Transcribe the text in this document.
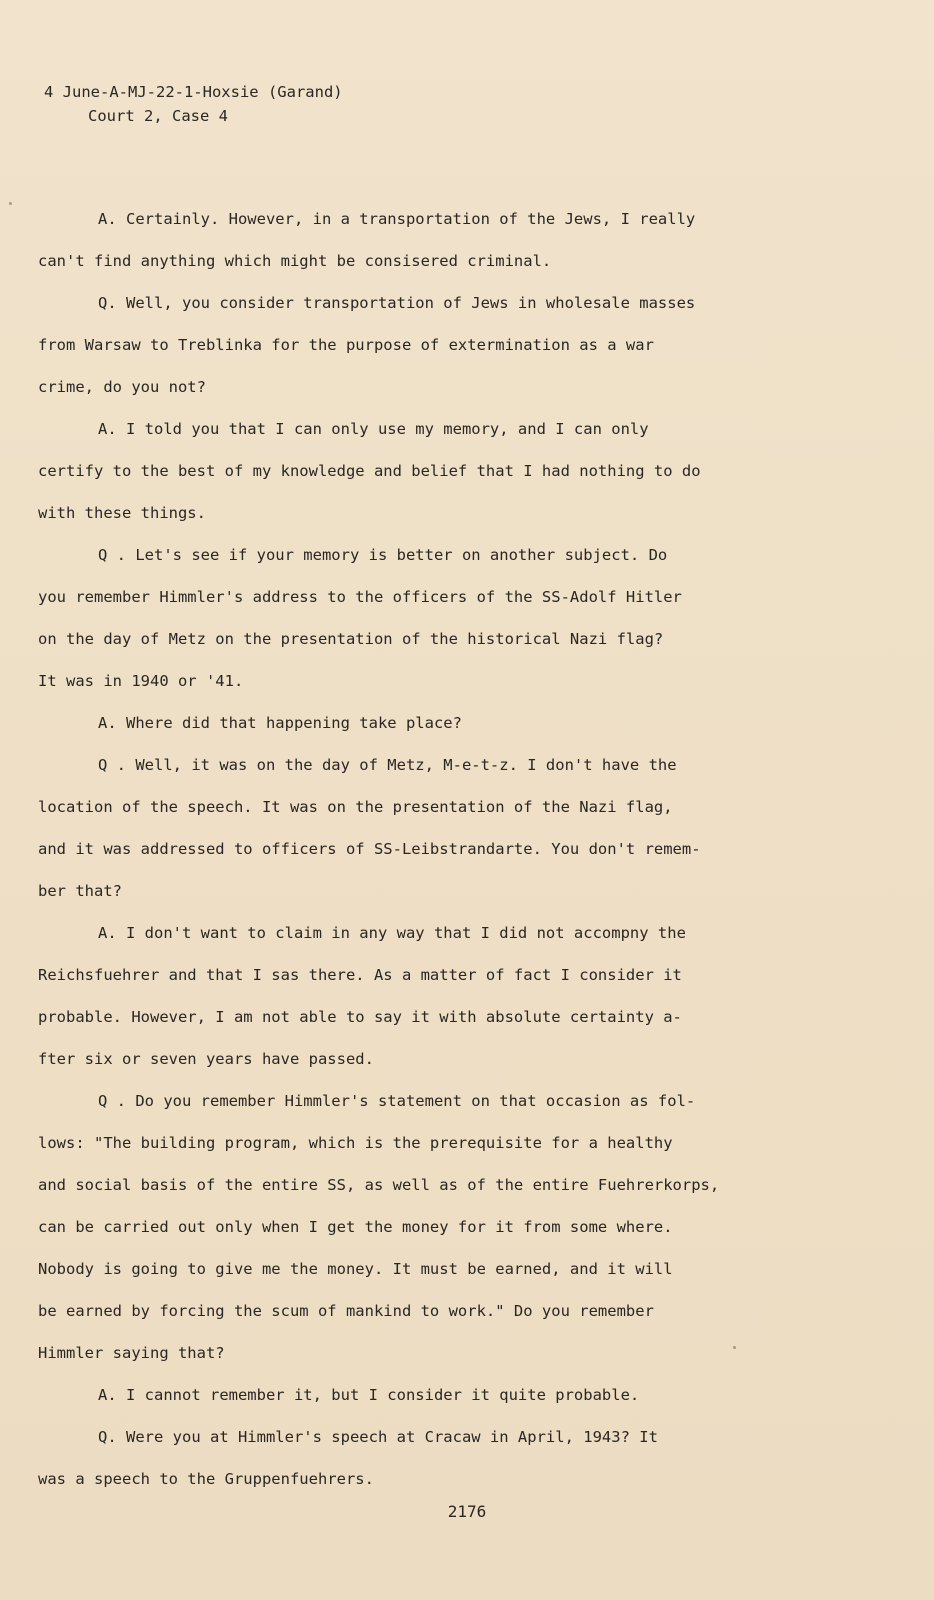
4 June-A-MJ-22-1-Hoxsie (Garand)
Court 2, Case 4
A. Certainly. However, in a transportation of the Jews, I really
can't find anything which might be consisered criminal.
Q. Well, you consider transportation of Jews in wholesale masses
from Warsaw to Treblinka for the purpose of extermination as a war
crime, do you not?
A. I told you that I can only use my memory, and I can only
certify to the best of my knowledge and belief that I had nothing to do
with these things.
Q . Let's see if your memory is better on another subject. Do
you remember Himmler's address to the officers of the SS-Adolf Hitler
on the day of Metz on the presentation of the historical Nazi flag?
It was in 1940 or '41.
A. Where did that happening take place?
Q . Well, it was on the day of Metz, M-e-t-z. I don't have the
location of the speech. It was on the presentation of the Nazi flag,
and it was addressed to officers of SS-Leibstrandarte. You don't remem-
ber that?
A. I don't want to claim in any way that I did not accompny the
Reichsfuehrer and that I sas there. As a matter of fact I consider it
probable. However, I am not able to say it with absolute certainty a-
fter six or seven years have passed.
Q . Do you remember Himmler's statement on that occasion as fol-
lows: "The building program, which is the prerequisite for a healthy
and social basis of the entire SS, as well as of the entire Fuehrerkorps,
can be carried out only when I get the money for it from some where.
Nobody is going to give me the money. It must be earned, and it will
be earned by forcing the scum of mankind to work." Do you remember
Himmler saying that?
A. I cannot remember it, but I consider it quite probable.
Q. Were you at Himmler's speech at Cracaw in April, 1943? It
was a speech to the Gruppenfuehrers.
2176
